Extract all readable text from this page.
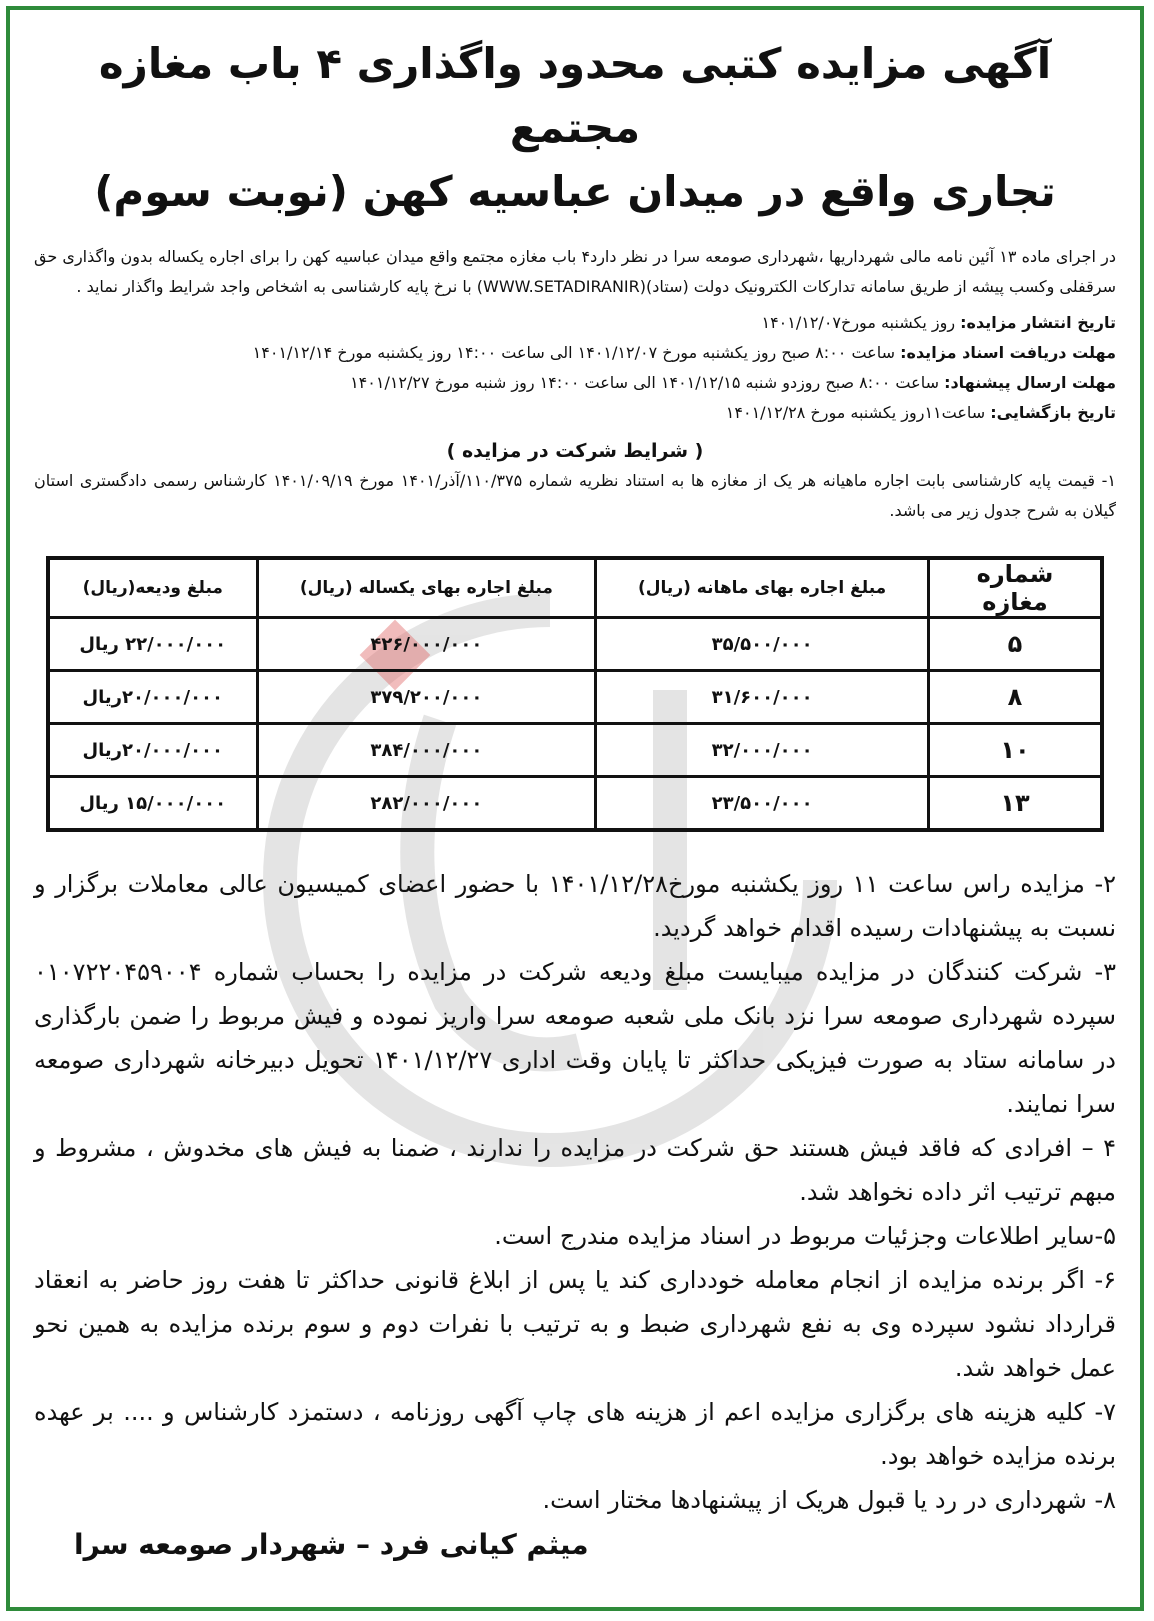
آگهی مزایده کتبی محدود واگذاری ۴ باب مغازه مجتمع
تجاری واقع در میدان عباسیه کهن (نوبت سوم)

در اجرای ماده ۱۳ آئین نامه مالی شهرداریها ،شهرداری صومعه سرا در نظر دارد۴ باب مغازه مجتمع واقع میدان عباسیه کهن را برای اجاره یکساله بدون واگذاری حق سرقفلی وکسب پیشه از طریق سامانه تدارکات الکترونیک دولت (ستاد)(WWW.SETADIRANIR) با نرخ پایه کارشناسی به اشخاص واجد شرایط واگذار نماید .

تاریخ انتشار مزایده: روز یکشنبه مورخ۱۴۰۱/۱۲/۰۷
مهلت دریافت اسناد مزایده: ساعت ۸:۰۰ صبح روز یکشنبه مورخ ۱۴۰۱/۱۲/۰۷ الی ساعت ۱۴:۰۰ روز یکشنبه مورخ ۱۴۰۱/۱۲/۱۴
مهلت ارسال پیشنهاد: ساعت ۸:۰۰ صبح روزدو شنبه ۱۴۰۱/۱۲/۱۵ الی ساعت ۱۴:۰۰ روز شنبه مورخ ۱۴۰۱/۱۲/۲۷
تاریخ بازگشایی: ساعت۱۱روز یکشنبه مورخ ۱۴۰۱/۱۲/۲۸
( شرایط شرکت در مزایده )

۱- قیمت پایه کارشناسی بابت اجاره ماهیانه هر یک از مغازه ها به استناد نظریه شماره ۱۱۰/۳۷۵/آذر/۱۴۰۱ مورخ ۱۴۰۱/۰۹/۱۹ کارشناس رسمی دادگستری استان گیلان به شرح جدول زیر می باشد.

شماره مغازه	مبلغ اجاره بهای ماهانه (ریال)	مبلغ اجاره بهای یکساله (ریال)	مبلغ ودیعه(ریال)
۵	۳۵/۵۰۰/۰۰۰	۴۲۶/۰۰۰/۰۰۰	۲۲/۰۰۰/۰۰۰ ریال
۸	۳۱/۶۰۰/۰۰۰	۳۷۹/۲۰۰/۰۰۰	۲۰/۰۰۰/۰۰۰ریال
۱۰	۳۲/۰۰۰/۰۰۰	۳۸۴/۰۰۰/۰۰۰	۲۰/۰۰۰/۰۰۰ریال
۱۳	۲۳/۵۰۰/۰۰۰	۲۸۲/۰۰۰/۰۰۰	۱۵/۰۰۰/۰۰۰ ریال

۲- مزایده راس ساعت ۱۱ روز یکشنبه مورخ۱۴۰۱/۱۲/۲۸ با حضور اعضای کمیسیون عالی معاملات برگزار و نسبت به پیشنهادات رسیده اقدام خواهد گردید.

۳- شرکت کنندگان در مزایده میبایست مبلغ ودیعه شرکت در مزایده را بحساب شماره ۰۱۰۷۲۲۰۴۵۹۰۰۴ سپرده شهرداری صومعه سرا نزد بانک ملی شعبه صومعه سرا واریز نموده و فیش مربوط را ضمن بارگذاری در سامانه ستاد به صورت فیزیکی حداکثر تا پایان وقت اداری ۱۴۰۱/۱۲/۲۷ تحویل دبیرخانه شهرداری صومعه سرا نمایند.

۴ – افرادی که فاقد فیش هستند حق شرکت در مزایده را ندارند ، ضمنا به فیش های مخدوش ، مشروط و مبهم ترتیب اثر داده نخواهد شد.

۵-سایر اطلاعات وجزئیات مربوط در اسناد مزایده مندرج است.

۶- اگر برنده مزایده از انجام معامله خودداری کند یا پس از ابلاغ قانونی حداکثر تا هفت روز حاضر به انعقاد قرارداد نشود سپرده وی به نفع شهرداری ضبط و به ترتیب با نفرات دوم و سوم برنده مزایده به همین نحو عمل خواهد شد.

۷- کلیه هزینه های برگزاری مزایده اعم از هزینه های چاپ آگهی روزنامه ، دستمزد کارشناس و .... بر عهده برنده مزایده خواهد بود.

۸- شهرداری در رد یا قبول هریک از پیشنهادها مختار است.

میثم کیانی فرد – شهردار صومعه سرا
